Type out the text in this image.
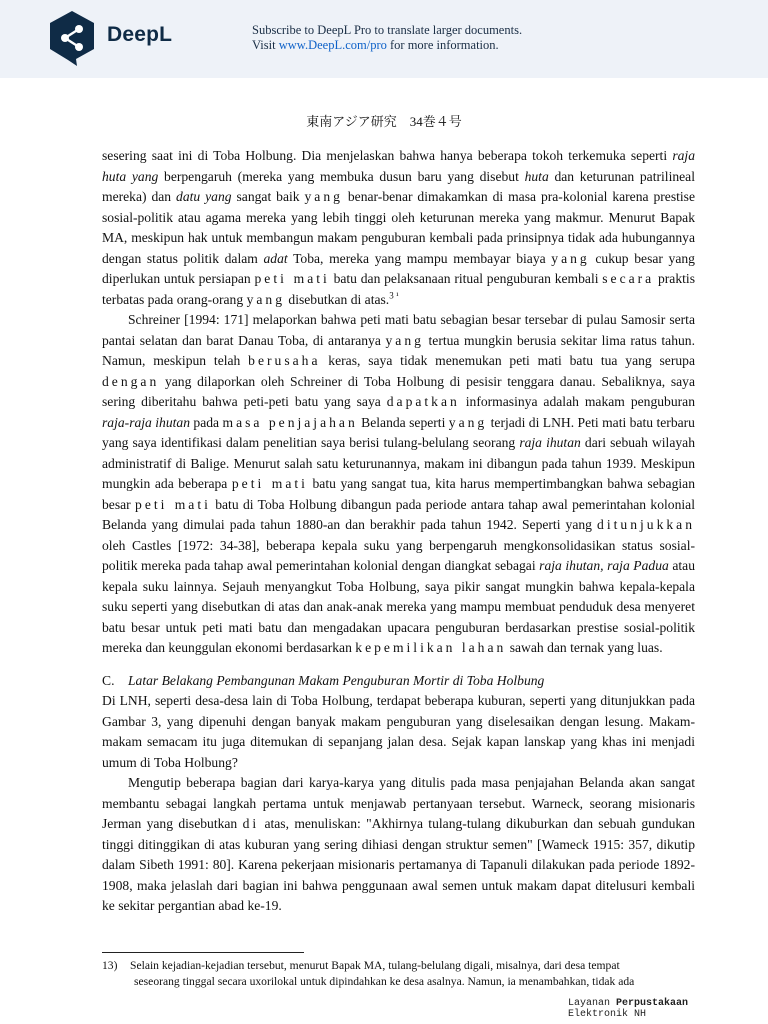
DeepL	Subscribe to DeepL Pro to translate larger documents.
Visit www.DeepL.com/pro for more information.
東南アジア研究　34巻４号

sesering saat ini di Toba Holbung. Dia menjelaskan bahwa hanya beberapa tokoh terkemuka seperti raja huta yang berpengaruh (mereka yang membuka dusun baru yang disebut huta dan keturunan patrilineal mereka) dan datu yang sangat baik yang benar-benar dimakamkan di masa pra-kolonial karena prestise sosial-politik atau agama mereka yang lebih tinggi oleh keturunan mereka yang makmur. Menurut Bapak MA, meskipun hak untuk membangun makam penguburan kembali pada prinsipnya tidak ada hubungannya dengan status politik dalam adat Toba, mereka yang mampu membayar biaya yang cukup besar yang diperlukan untuk persiapan peti mati batu dan pelaksanaan ritual penguburan kembali secara praktis terbatas pada orang-orang yang disebutkan di atas.$^{3 ^1}$

Schreiner [1994: 171] melaporkan bahwa peti mati batu sebagian besar tersebar di pulau Samosir serta pantai selatan dan barat Danau Toba, di antaranya yang tertua mungkin berusia sekitar lima ratus tahun. Namun, meskipun telah berusaha keras, saya tidak menemukan peti mati batu tua yang serupa dengan yang dilaporkan oleh Schreiner di Toba Holbung di pesisir tenggara danau. Sebaliknya, saya sering diberitahu bahwa peti-peti batu yang saya dapatkan informasinya adalah makam penguburan raja-raja ihutan pada masa penjajahan Belanda seperti yang terjadi di LNH. Peti mati batu terbaru yang saya identifikasi dalam penelitian saya berisi tulang-belulang seorang raja ihutan dari sebuah wilayah administratif di Balige. Menurut salah satu keturunannya, makam ini dibangun pada tahun 1939. Meskipun mungkin ada beberapa peti mati batu yang sangat tua, kita harus mempertimbangkan bahwa sebagian besar peti mati batu di Toba Holbung dibangun pada periode antara tahap awal pemerintahan kolonial Belanda yang dimulai pada tahun 1880-an dan berakhir pada tahun 1942. Seperti yang ditunjukkan oleh Castles [1972: 34-38], beberapa kepala suku yang berpengaruh mengkonsolidasikan status sosial-politik mereka pada tahap awal pemerintahan kolonial dengan diangkat sebagai raja ihutan, raja Padua atau kepala suku lainnya. Sejauh menyangkut Toba Holbung, saya pikir sangat mungkin bahwa kepala-kepala suku seperti yang disebutkan di atas dan anak-anak mereka yang mampu membuat penduduk desa menyeret batu besar untuk peti mati batu dan mengadakan upacara penguburan berdasarkan prestise sosial-politik mereka dan keunggulan ekonomi berdasarkan kepemilikan lahan sawah dan ternak yang luas.

C. Latar Belakang Pembangunan Makam Penguburan Mortir di Toba Holbung

Di LNH, seperti desa-desa lain di Toba Holbung, terdapat beberapa kuburan, seperti yang ditunjukkan pada Gambar 3, yang dipenuhi dengan banyak makam penguburan yang diselesaikan dengan lesung. Makam-makam semacam itu juga ditemukan di sepanjang jalan desa. Sejak kapan lanskap yang khas ini menjadi umum di Toba Holbung?

Mengutip beberapa bagian dari karya-karya yang ditulis pada masa penjajahan Belanda akan sangat membantu sebagai langkah pertama untuk menjawab pertanyaan tersebut. Warneck, seorang misionaris Jerman yang disebutkan di atas, menuliskan: "Akhirnya tulang-tulang dikuburkan dan sebuah gundukan tinggi ditinggikan di atas kuburan yang sering dihiasi dengan struktur semen" [Wameck 1915: 357, dikutip dalam Sibeth 1991: 80]. Karena pekerjaan misionaris pertamanya di Tapanuli dilakukan pada periode 1892-1908, maka jelaslah dari bagian ini bahwa penggunaan awal semen untuk makam dapat ditelusuri kembali ke sekitar pergantian abad ke-19.

13) Selain kejadian-kejadian tersebut, menurut Bapak MA, tulang-belulang digali, misalnya, dari desa tempat
seseorang tinggal secara uxorilokal untuk dipindahkan ke desa asalnya. Namun, ia menambahkan, tidak ada
Layanan Perpustakaan
Elektronik NH
